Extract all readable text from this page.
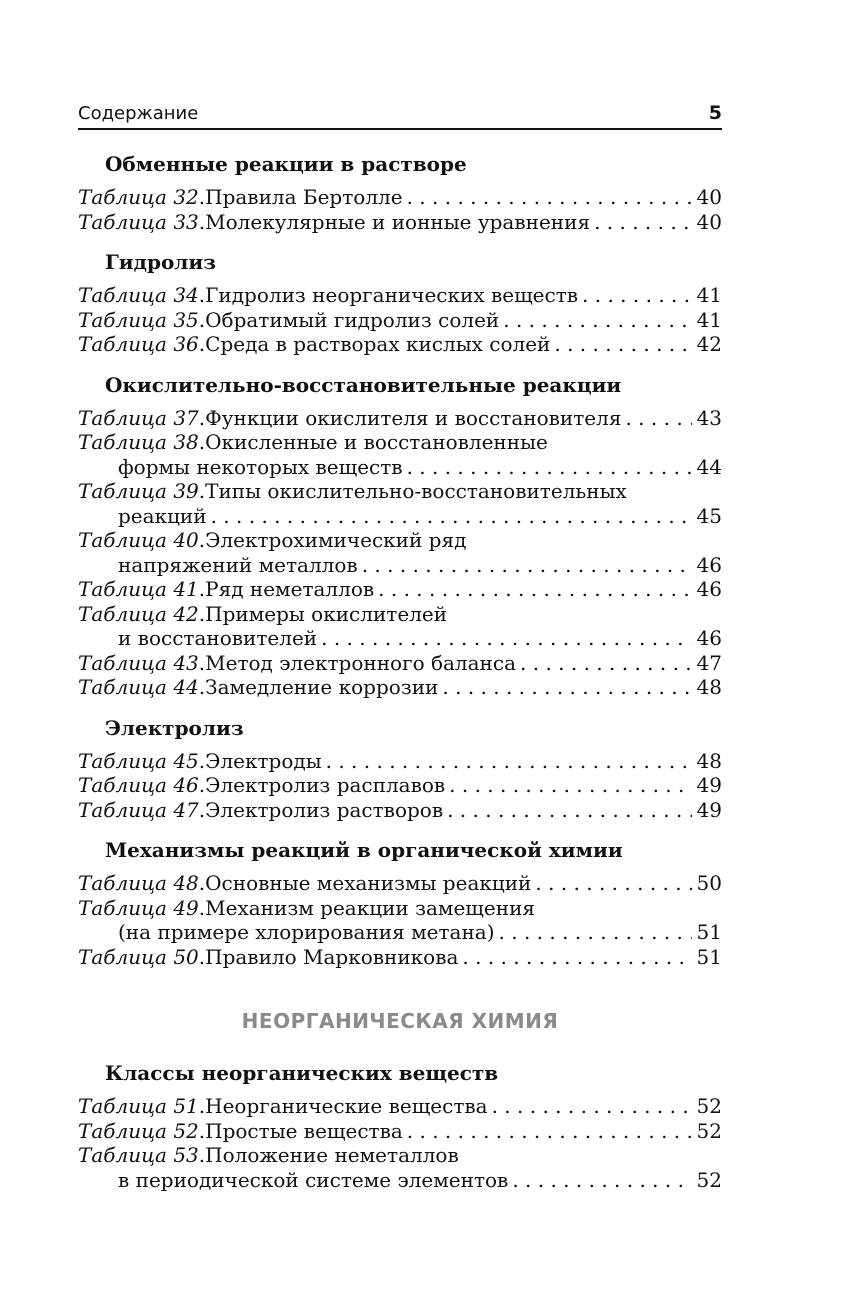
Содержание	5
Обменные реакции в растворе
Таблица 32 . Правила Бертолле . . .	40
Таблица 33 . Молекулярные и ионные уравнения . . .	40
Гидролиз
Таблица 34 . Гидролиз неорганических веществ . . .	41
Таблица 35 . Обратимый гидролиз солей . . .	41
Таблица 36 . Среда в растворах кислых солей . . .	42
Окислительно-восстановительные реакции
Таблица 37 . Функции окислителя и восстановителя . . .	43
Таблица 38 . Окисленные и восстановленные
формы некоторых веществ . . .	44
Таблица 39 . Типы окислительно-восстановительных
реакций . . .	45
Таблица 40 . Электрохимический ряд
напряжений металлов . . .	46
Таблица 41 . Ряд неметаллов . . .	46
Таблица 42 . Примеры окислителей
и восстановителей . . .	46
Таблица 43 . Метод электронного баланса . . .	47
Таблица 44 . Замедление коррозии . . .	48
Электролиз
Таблица 45 . Электроды . . .	48
Таблица 46 . Электролиз расплавов . . .	49
Таблица 47 . Электролиз растворов . . .	49
Механизмы реакций в органической химии
Таблица 48 . Основные механизмы реакций . . .	50
Таблица 49 . Механизм реакции замещения
(на примере хлорирования метана) . . .	51
Таблица 50 . Правило Марковникова . . .	51
НЕОРГАНИЧЕСКАЯ ХИМИЯ
Классы неорганических веществ
Таблица 51 . Неорганические вещества . . .	52
Таблица 52 . Простые вещества . . .	52
Таблица 53 . Положение неметаллов
в периодической системе элементов . . .	52
